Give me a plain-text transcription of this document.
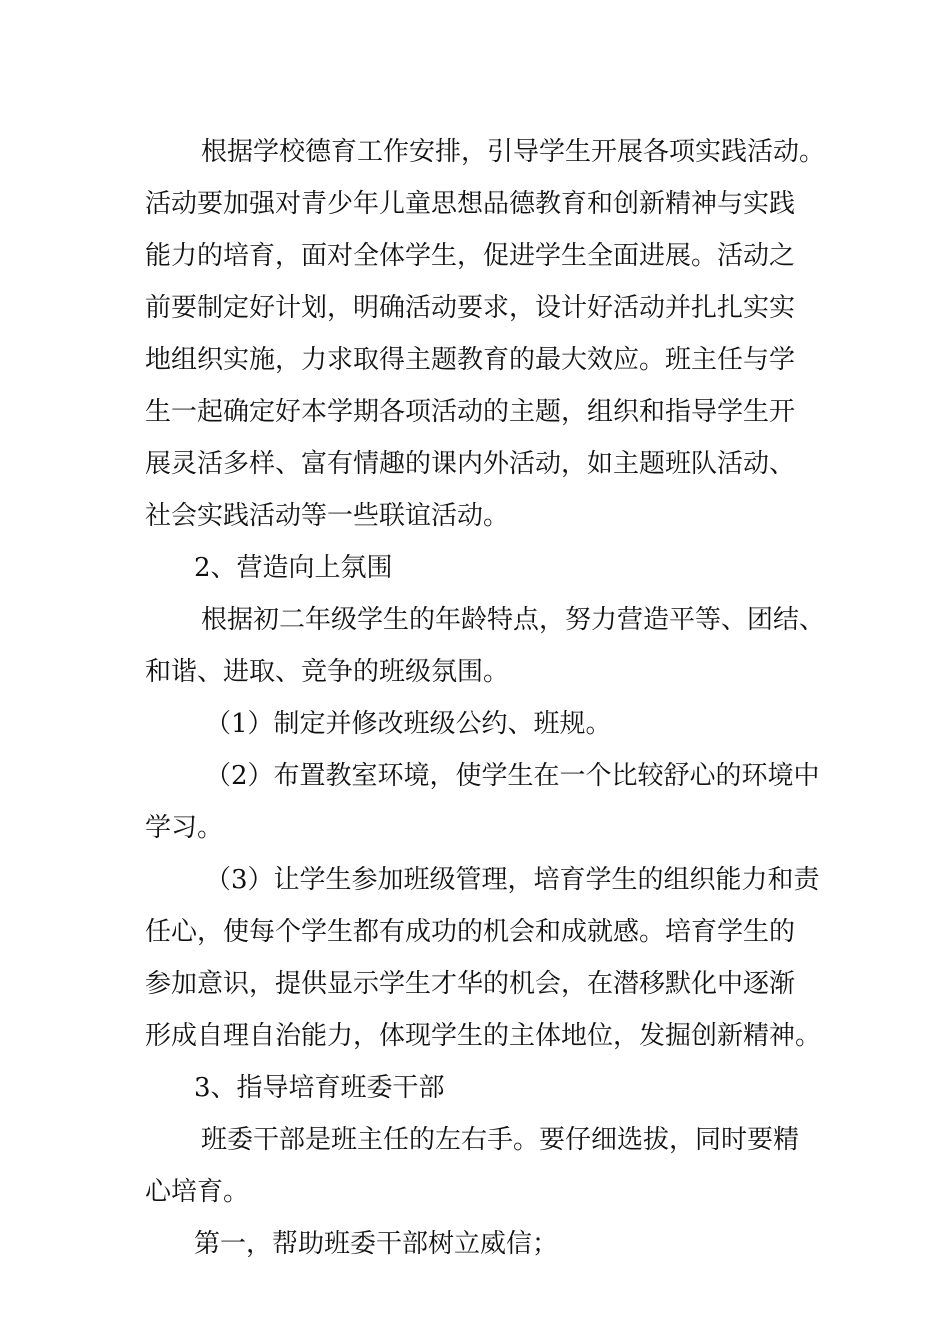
根据学校德育工作安排，引导学生开展各项实践活动。
活动要加强对青少年儿童思想品德教育和创新精神与实践
能力的培育，面对全体学生，促进学生全面进展。活动之
前要制定好计划，明确活动要求，设计好活动并扎扎实实
地组织实施，力求取得主题教育的最大效应。班主任与学
生一起确定好本学期各项活动的主题，组织和指导学生开
展灵活多样、富有情趣的课内外活动，如主题班队活动、
社会实践活动等一些联谊活动。
2、营造向上氛围
根据初二年级学生的年龄特点，努力营造平等、团结、
和谐、进取、竞争的班级氛围。
（1）制定并修改班级公约、班规。
（2）布置教室环境，使学生在一个比较舒心的环境中
学习。
（3）让学生参加班级管理，培育学生的组织能力和责
任心，使每个学生都有成功的机会和成就感。培育学生的
参加意识，提供显示学生才华的机会，在潜移默化中逐渐
形成自理自治能力，体现学生的主体地位，发掘创新精神。
3、指导培育班委干部
班委干部是班主任的左右手。要仔细选拔，同时要精
心培育。
第一，帮助班委干部树立威信；
